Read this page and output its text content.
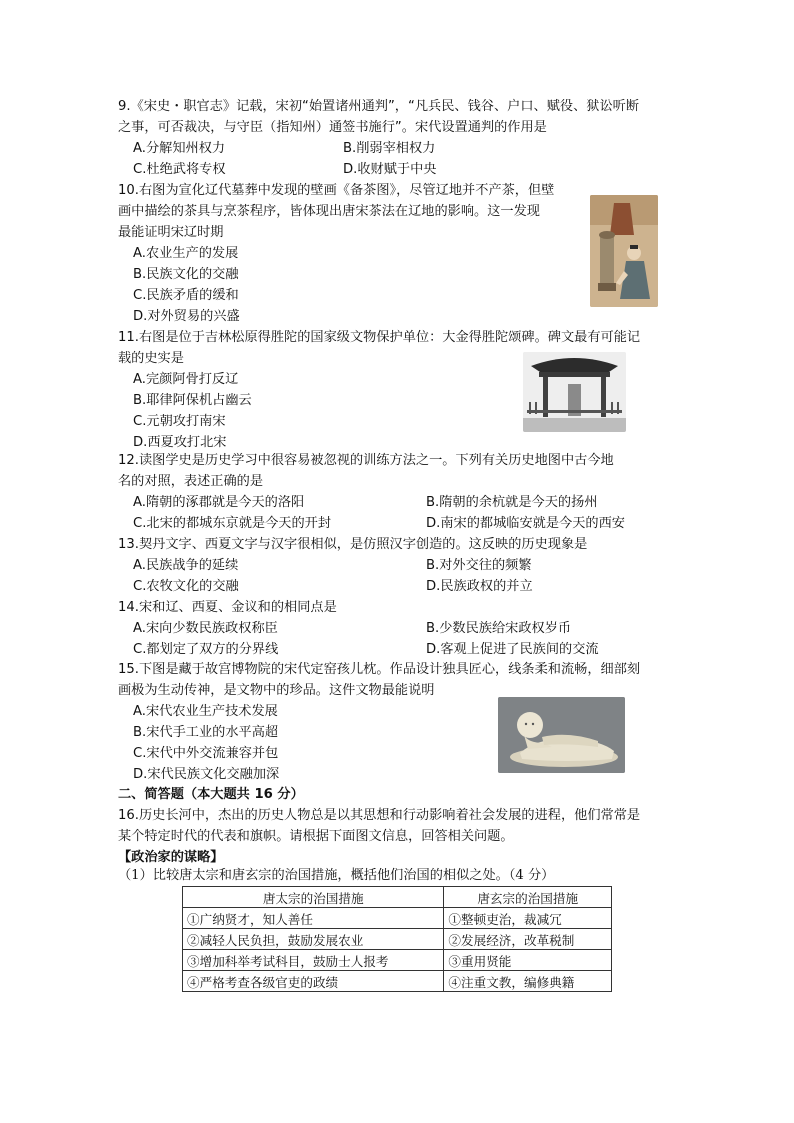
9.《宋史・职官志》记载，宋初“始置诸州通判”，“凡兵民、钱谷、户口、赋役、狱讼听断
之事，可否裁决，与守臣（指知州）通签书施行”。宋代设置通判的作用是
A.分解知州权力	B.削弱宰相权力
C.杜绝武将专权	D.收财赋于中央
10.右图为宣化辽代墓葬中发现的壁画《备茶图》，尽管辽地并不产茶，但壁
画中描绘的茶具与烹茶程序，皆体现出唐宋茶法在辽地的影响。这一发现
最能证明宋辽时期
A.农业生产的发展
B.民族文化的交融
C.民族矛盾的缓和
D.对外贸易的兴盛
11.右图是位于吉林松原得胜陀的国家级文物保护单位：大金得胜陀颂碑。碑文最有可能记
载的史实是
A.完颜阿骨打反辽
B.耶律阿保机占幽云
C.元朝攻打南宋
D.西夏攻打北宋
12.读图学史是历史学习中很容易被忽视的训练方法之一。下列有关历史地图中古今地
名的对照，表述正确的是
A.隋朝的涿郡就是今天的洛阳	B.隋朝的余杭就是今天的扬州
C.北宋的都城东京就是今天的开封	D.南宋的都城临安就是今天的西安
13.契丹文字、西夏文字与汉字很相似，是仿照汉字创造的。这反映的历史现象是
A.民族战争的延续	B.对外交往的频繁
C.农牧文化的交融	D.民族政权的并立
14.宋和辽、西夏、金议和的相同点是
A.宋向少数民族政权称臣	B.少数民族给宋政权岁币
C.都划定了双方的分界线	D.客观上促进了民族间的交流
15.下图是藏于故宫博物院的宋代定窑孩儿枕。作品设计独具匠心，线条柔和流畅，细部刻
画极为生动传神，是文物中的珍品。这件文物最能说明
A.宋代农业生产技术发展
B.宋代手工业的水平高超
C.宋代中外交流兼容并包
D.宋代民族文化交融加深
二、简答题（本大题共 16 分）
16.历史长河中，杰出的历史人物总是以其思想和行动影响着社会发展的进程，他们常常是
某个特定时代的代表和旗帜。请根据下面图文信息，回答相关问题。
【政治家的谋略】
（1）比较唐太宗和唐玄宗的治国措施，概括他们治国的相似之处。（4 分）
唐太宗的治国措施	唐玄宗的治国措施
①广纳贤才，知人善任	①整顿吏治，裁减冗
②减轻人民负担，鼓励发展农业	②发展经济，改革税制
③增加科举考试科目，鼓励士人报考	③重用贤能
④严格考查各级官吏的政绩	④注重文教，编修典籍
